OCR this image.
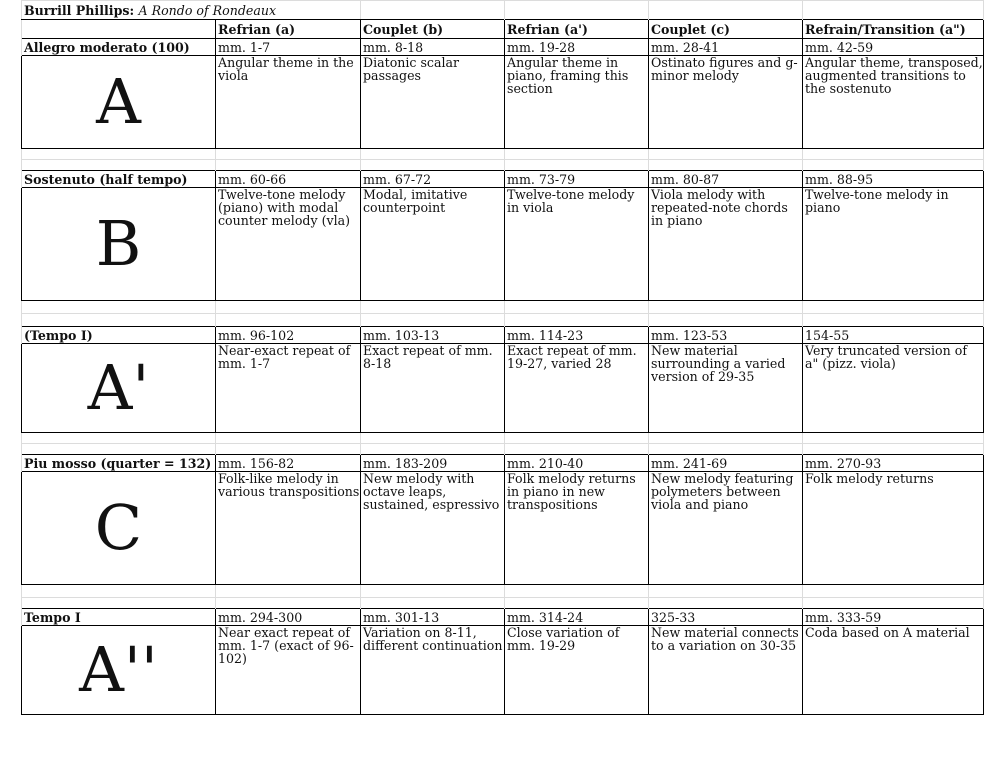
Burrill Phillips: A Rondo of Rondeaux					
	Refrian (a)	Couplet (b)	Refrian (a')	Couplet (c)	Refrain/Transition (a")
Allegro moderato (100)	mm. 1-7	mm. 8-18	mm. 19-28	mm. 28-41	mm. 42-59
A	Angular theme in the viola	Diatonic scalar passages	Angular theme in piano, framing this section	Ostinato figures and g-minor melody	Angular theme, transposed, augmented transitions to the sostenuto

Sostenuto (half tempo)	mm. 60-66	mm. 67-72	mm. 73-79	mm. 80-87	mm. 88-95
B	Twelve-tone melody (piano) with modal counter melody (vla)	Modal, imitative counterpoint	Twelve-tone melody in viola	Viola melody with repeated-note chords in piano	Twelve-tone melody in piano

(Tempo I)	mm. 96-102	mm. 103-13	mm. 114-23	mm. 123-53	154-55
A'	Near-exact repeat of mm. 1-7	Exact repeat of mm. 8-18	Exact repeat of mm. 19-27, varied 28	New material surrounding a varied version of 29-35	Very truncated version of a" (pizz. viola)

Piu mosso (quarter = 132)	mm. 156-82	mm. 183-209	mm. 210-40	mm. 241-69	mm. 270-93
C	Folk-like melody in various transpositions	New melody with octave leaps, sustained, espressivo	Folk melody returns in piano in new transpositions	New melody featuring polymeters between viola and piano	Folk melody returns

Tempo I	mm. 294-300	mm. 301-13	mm. 314-24	325-33	mm. 333-59
A''	Near exact repeat of mm. 1-7 (exact of 96-102)	Variation on 8-11, different continuation	Close variation of mm. 19-29	New material connects to a variation on 30-35	Coda based on A material
